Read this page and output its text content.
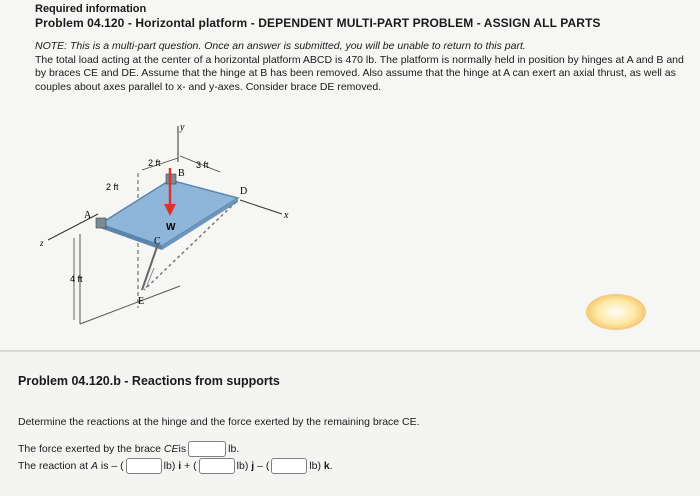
Required information
Problem 04.120 - Horizontal platform - DEPENDENT MULTI-PART PROBLEM - ASSIGN ALL PARTS

NOTE: This is a multi-part question. Once an answer is submitted, you will be unable to return to this part.

The total load acting at the center of a horizontal platform ABCD is 470 lb. The platform is normally held in position by hinges at A and B and by braces CE and DE. Assume that the hinge at B has been removed. Also assume that the hinge at A can exert an axial thrust, as well as couples about axes parallel to x- and y-axes. Consider brace DE removed.

y
x
z
A
B
C
D
E
W
2 ft
2 ft	3 ft
4 ft
Problem 04.120.b - Reactions from supports
Determine the reactions at the hinge and the force exerted by the remaining brace CE.
The force exerted by the brace CE is	lb.
The reaction at A is – (	lb) i + (	lb) j – (	lb) k .
